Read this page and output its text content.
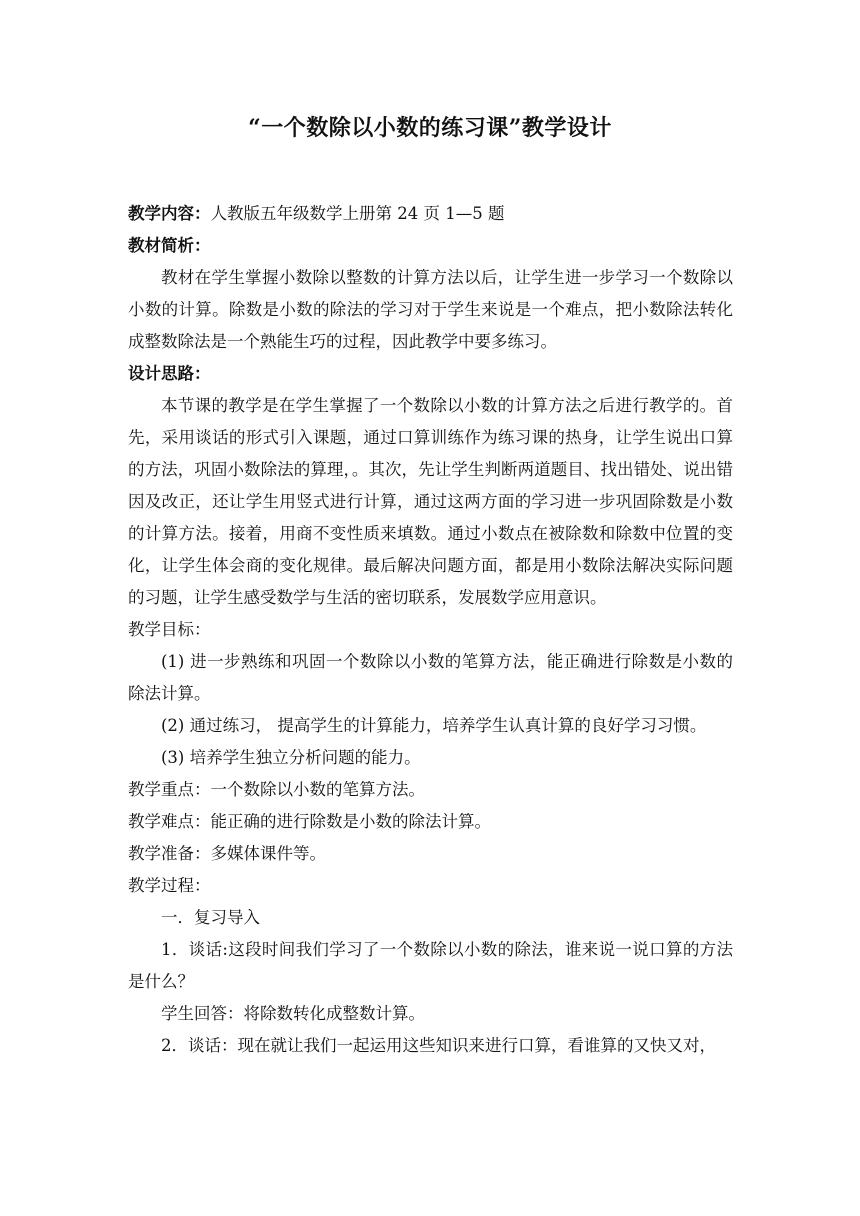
“一个数除以小数的练习课”教学设计

教学内容：人教版五年级数学上册第 24 页 1—5 题

教材简析：

教材在学生掌握小数除以整数的计算方法以后，让学生进一步学习一个数除以小数的计算。除数是小数的除法的学习对于学生来说是一个难点，把小数除法转化成整数除法是一个熟能生巧的过程，因此教学中要多练习。

设计思路：

本节课的教学是在学生掌握了一个数除以小数的计算方法之后进行教学的。首先，采用谈话的形式引入课题，通过口算训练作为练习课的热身，让学生说出口算的方法，巩固小数除法的算理，。其次，先让学生判断两道题目、找出错处、说出错因及改正，还让学生用竖式进行计算，通过这两方面的学习进一步巩固除数是小数的计算方法。接着，用商不变性质来填数。通过小数点在被除数和除数中位置的变化，让学生体会商的变化规律。最后解决问题方面，都是用小数除法解决实际问题的习题，让学生感受数学与生活的密切联系，发展数学应用意识。

教学目标：

(1) 进一步熟练和巩固一个数除以小数的笔算方法，能正确进行除数是小数的除法计算。

(2) 通过练习， 提高学生的计算能力，培养学生认真计算的良好学习习惯。

(3) 培养学生独立分析问题的能力。

教学重点：一个数除以小数的笔算方法。

教学难点：能正确的进行除数是小数的除法计算。

教学准备：多媒体课件等。

教学过程：

一．复习导入

1．谈话:这段时间我们学习了一个数除以小数的除法，谁来说一说口算的方法是什么？

学生回答：将除数转化成整数计算。

2．谈话：现在就让我们一起运用这些知识来进行口算，看谁算的又快又对，
